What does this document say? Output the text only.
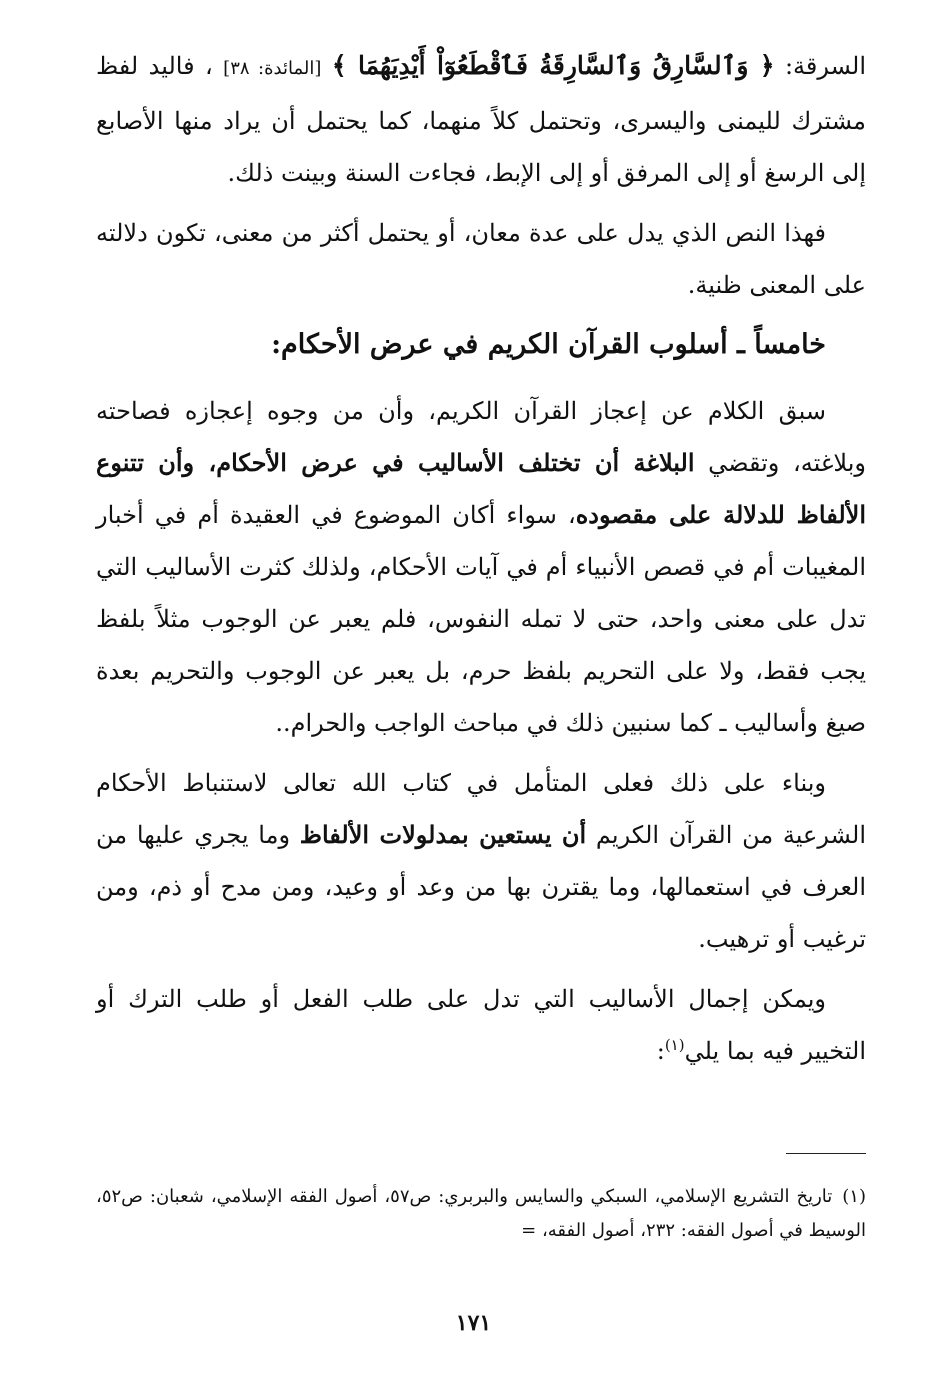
السرقة: ﴿ وَٱلسَّارِقُ وَٱلسَّارِقَةُ فَٱقْطَعُوٓاْ أَيْدِيَهُمَا ﴾ [المائدة: ٣٨] ، فاليد لفظ مشترك لليمنى واليسرى، وتحتمل كلاً منهما، كما يحتمل أن يراد منها الأصابع إلى الرسغ أو إلى المرفق أو إلى الإبط، فجاءت السنة وبينت ذلك.

فهذا النص الذي يدل على عدة معان، أو يحتمل أكثر من معنى، تكون دلالته على المعنى ظنية.

خامساً ـ أسلوب القرآن الكريم في عرض الأحكام:

سبق الكلام عن إعجاز القرآن الكريم، وأن من وجوه إعجازه فصاحته وبلاغته، وتقضي البلاغة أن تختلف الأساليب في عرض الأحكام، وأن تتنوع الألفاظ للدلالة على مقصوده، سواء أكان الموضوع في العقيدة أم في أخبار المغيبات أم في قصص الأنبياء أم في آيات الأحكام، ولذلك كثرت الأساليب التي تدل على معنى واحد، حتى لا تمله النفوس، فلم يعبر عن الوجوب مثلاً بلفظ يجب فقط، ولا على التحريم بلفظ حرم، بل يعبر عن الوجوب والتحريم بعدة صيغ وأساليب ـ كما سنبين ذلك في مباحث الواجب والحرام..

وبناء على ذلك فعلى المتأمل في كتاب الله تعالى لاستنباط الأحكام الشرعية من القرآن الكريم أن يستعين بمدلولات الألفاظ وما يجري عليها من العرف في استعمالها، وما يقترن بها من وعد أو وعيد، ومن مدح أو ذم، ومن ترغيب أو ترهيب.

ويمكن إجمال الأساليب التي تدل على طلب الفعل أو طلب الترك أو التخيير فيه بما يلي$^{(١)}$:

(١)تاريخ التشريع الإسلامي، السبكي والسايس والبربري: ص٥٧، أصول الفقه الإسلامي، شعبان: ص٥٢، الوسيط في أصول الفقه: ٢٣٢، أصول الفقه، =
١٧١
